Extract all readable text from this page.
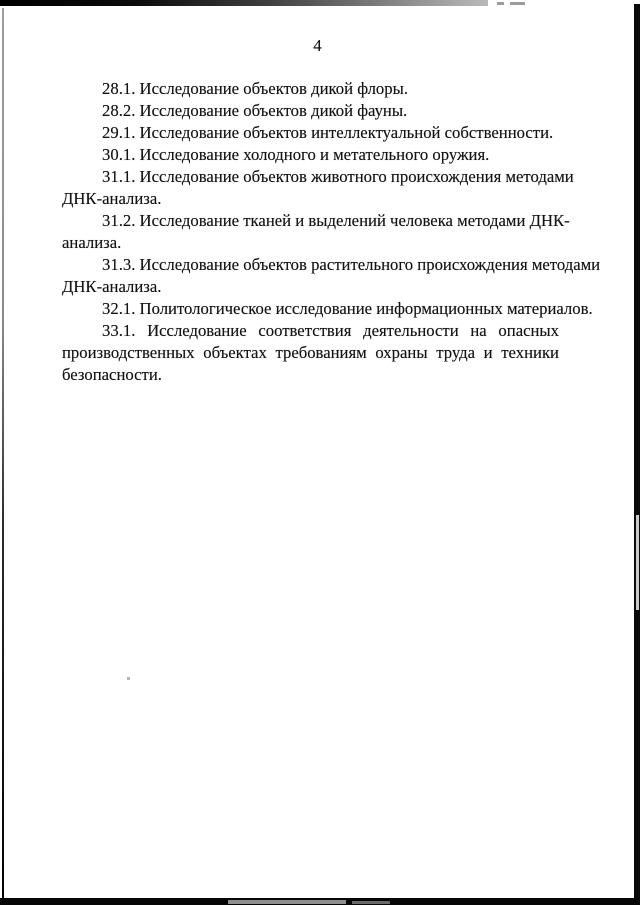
4
28.1. Исследование объектов дикой флоры.
28.2. Исследование объектов дикой фауны.
29.1. Исследование объектов интеллектуальной собственности.
30.1. Исследование холодного и метательного оружия.
31.1. Исследование объектов животного происхождения методами
ДНК-анализа.
31.2. Исследование тканей и выделений человека методами ДНК-
анализа.
31.3. Исследование объектов растительного происхождения методами
ДНК-анализа.
32.1. Политологическое исследование информационных материалов.
33.1. Исследование соответствия деятельности на опасных
производственных объектах требованиям охраны труда и техники
безопасности.
